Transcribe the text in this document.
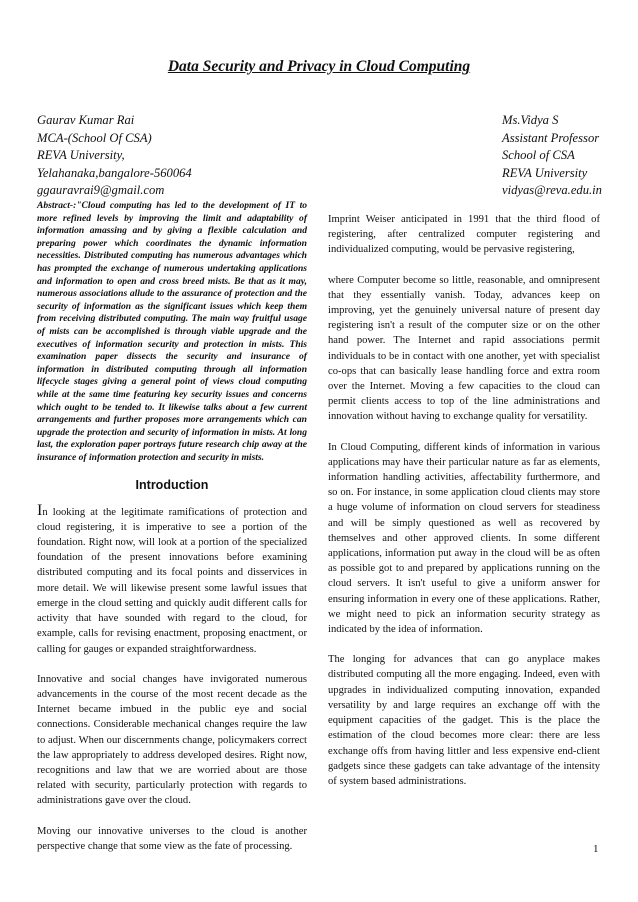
Data Security and Privacy in Cloud Computing
Gaurav Kumar Rai
MCA-(School Of CSA)
REVA University,
Yelahanaka,bangalore-560064
ggauravrai9@gmail.com
Ms.Vidya S
Assistant Professor
School of CSA
REVA University
vidyas@reva.edu.in

Abstract-:"Cloud computing has led to the development of IT to more refined levels by improving the limit and adaptability of information amassing and by giving a flexible calculation and preparing power which coordinates the dynamic information necessities. Distributed computing has numerous advantages which has prompted the exchange of numerous undertaking applications and information to open and cross breed mists. Be that as it may, numerous associations allude to the assurance of protection and the security of information as the significant issues which keep them from receiving distributed computing. The main way fruitful usage of mists can be accomplished is through viable upgrade and the executives of information security and protection in mists. This examination paper dissects the security and insurance of information in distributed computing through all information lifecycle stages giving a general point of views cloud computing while at the same time featuring key security issues and concerns which ought to be tended to. It likewise talks about a few current arrangements and further proposes more arrangements which can upgrade the protection and security of information in mists. At long last, the exploration paper portrays future research chip away at the insurance of information protection and security in mists.

Introduction

In looking at the legitimate ramifications of protection and cloud registering, it is imperative to see a portion of the foundation. Right now, will look at a portion of the specialized foundation of the present innovations before examining distributed computing and its focal points and disservices in more detail. We will likewise present some lawful issues that emerge in the cloud setting and quickly audit different calls for activity that have sounded with regard to the cloud, for example, calls for revising enactment, proposing enactment, or calling for gauges or expanded straightforwardness.

Innovative and social changes have invigorated numerous advancements in the course of the most recent decade as the Internet became imbued in the public eye and social connections. Considerable mechanical changes require the law to adjust. When our discernments change, policymakers correct the law appropriately to address developed desires. Right now, recognitions and law that we are worried about are those related with security, particularly protection with regards to administrations gave over the cloud.

Moving our innovative universes to the cloud is another perspective change that some view as the fate of processing.

Imprint Weiser anticipated in 1991 that the third flood of registering, after centralized computer registering and individualized computing, would be pervasive registering,

where Computer become so little, reasonable, and omnipresent that they essentially vanish. Today, advances keep on improving, yet the genuinely universal nature of present day registering isn't a result of the computer size or on the other hand power. The Internet and rapid associations permit individuals to be in contact with one another, yet with specialist co-ops that can basically lease handling force and extra room over the Internet. Moving a few capacities to the cloud can permit clients access to top of the line administrations and innovation without having to exchange quality for versatility.

In Cloud Computing, different kinds of information in various applications may have their particular nature as far as elements, information handling activities, affectability furthermore, and so on. For instance, in some application cloud clients may store a huge volume of information on cloud servers for steadiness and will be simply questioned as well as recovered by themselves and other approved clients. In some different applications, information put away in the cloud will be as often as possible got to and prepared by applications running on the cloud servers. It isn't useful to give a uniform answer for ensuring information in every one of these applications. Rather, we might need to pick an information security strategy as indicated by the idea of information.

The longing for advances that can go anyplace makes distributed computing all the more engaging. Indeed, even with upgrades in individualized computing innovation, expanded versatility by and large requires an exchange off with the equipment capacities of the gadget. This is the place the estimation of the cloud becomes more clear: there are less exchange offs from having littler and less expensive end-client gadgets since these gadgets can take advantage of the intensity of system based administrations.

1
